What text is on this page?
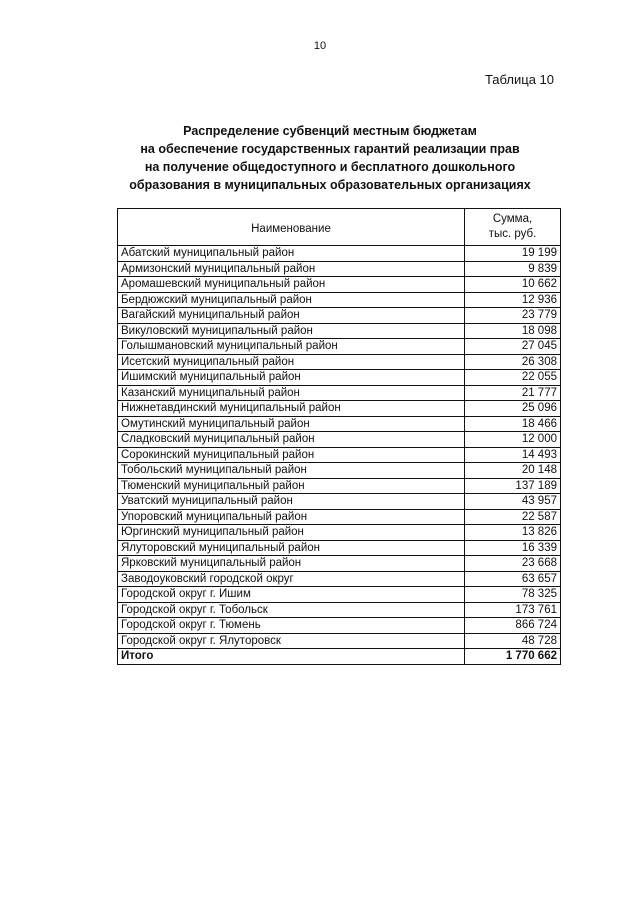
10
Таблица 10
Распределение субвенций местным бюджетам
на обеспечение государственных гарантий реализации прав
на получение общедоступного и бесплатного дошкольного
образования в муниципальных образовательных организациях
Наименование	Сумма,
тыс. руб.

Абатский муниципальный район	19 199
Армизонский муниципальный район	9 839
Аромашевский муниципальный район	10 662
Бердюжский муниципальный район	12 936
Вагайский муниципальный район	23 779
Викуловский муниципальный район	18 098
Голышмановский муниципальный район	27 045
Исетский муниципальный район	26 308
Ишимский муниципальный район	22 055
Казанский муниципальный район	21 777
Нижнетавдинский муниципальный район	25 096
Омутинский муниципальный район	18 466
Сладковский муниципальный район	12 000
Сорокинский муниципальный район	14 493
Тобольский муниципальный район	20 148
Тюменский муниципальный район	137 189
Уватский муниципальный район	43 957
Упоровский муниципальный район	22 587
Юргинский муниципальный район	13 826
Ялуторовский муниципальный район	16 339
Ярковский муниципальный район	23 668
Заводоуковский городской округ	63 657
Городской округ г. Ишим	78 325
Городской округ г. Тобольск	173 761
Городской округ г. Тюмень	866 724
Городской округ г. Ялуторовск	48 728
Итого	1 770 662
